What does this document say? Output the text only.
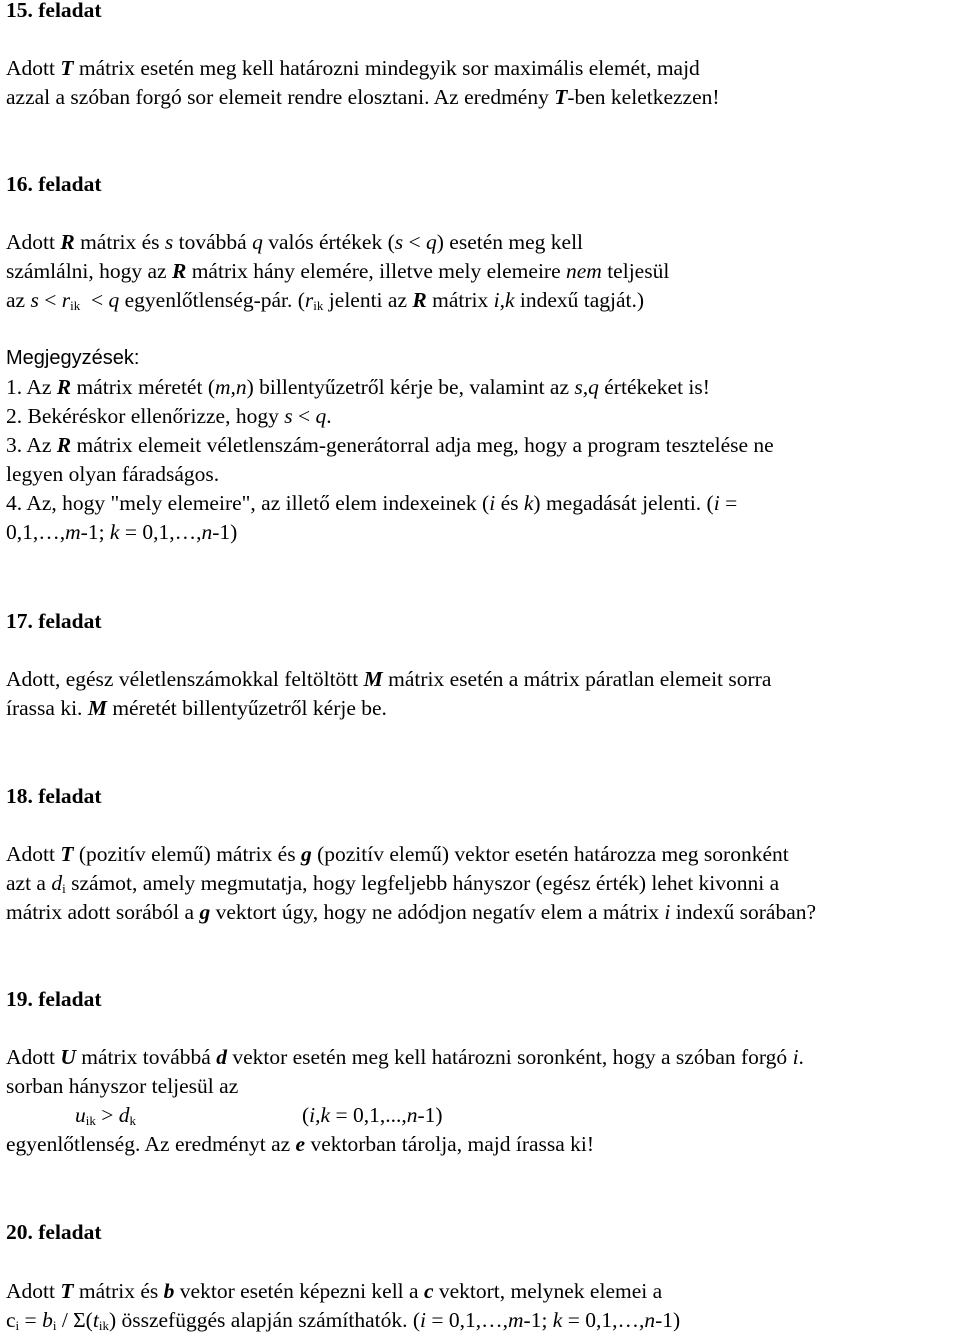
15. feladat
Adott T mátrix esetén meg kell határozni mindegyik sor maximális elemét, majd
azzal a szóban forgó sor elemeit rendre elosztani. Az eredmény T-ben keletkezzen!
16. feladat
Adott R mátrix és s továbbá q valós értékek (s < q) esetén meg kell
számlálni, hogy az R mátrix hány elemére, illetve mely elemeire nem teljesül
az $s < r_{ik} < q$ egyenlőtlenség-pár. ($r_{ik}$ jelenti az R mátrix i,k indexű tagját.)
Megjegyzések:
1. Az R mátrix méretét (m,n) billentyűzetről kérje be, valamint az s,q értékeket is!
2. Bekéréskor ellenőrizze, hogy s < q.
3. Az R mátrix elemeit véletlenszám-generátorral adja meg, hogy a program tesztelése ne
legyen olyan fáradságos.
4. Az, hogy "mely elemeire", az illető elem indexeinek (i és k) megadását jelenti. (i =
0,1,…,m-1; k = 0,1,…,n-1)
17. feladat
Adott, egész véletlenszámokkal feltöltött M mátrix esetén a mátrix páratlan elemeit sorra
írassa ki. M méretét billentyűzetről kérje be.
18. feladat
Adott T (pozitív elemű) mátrix és g (pozitív elemű) vektor esetén határozza meg soronként
azt a $d_i$ számot, amely megmutatja, hogy legfeljebb hányszor (egész érték) lehet kivonni a
mátrix adott sorából a g vektort úgy, hogy ne adódjon negatív elem a mátrix i indexű sorában?
19. feladat
Adott U mátrix továbbá d vektor esetén meg kell határozni soronként, hogy a szóban forgó i.
sorban hányszor teljesül az
$u_{ik} > d_k$	(i,k = 0,1,...,n-1)
egyenlőtlenség. Az eredményt az e vektorban tárolja, majd írassa ki!
20. feladat
Adott T mátrix és b vektor esetén képezni kell a c vektort, melynek elemei a
$c_i = b_i / \Sigma(t_{ik})$ összefüggés alapján számíthatók. (i = 0,1,…,m-1; k = 0,1,…,n-1)
